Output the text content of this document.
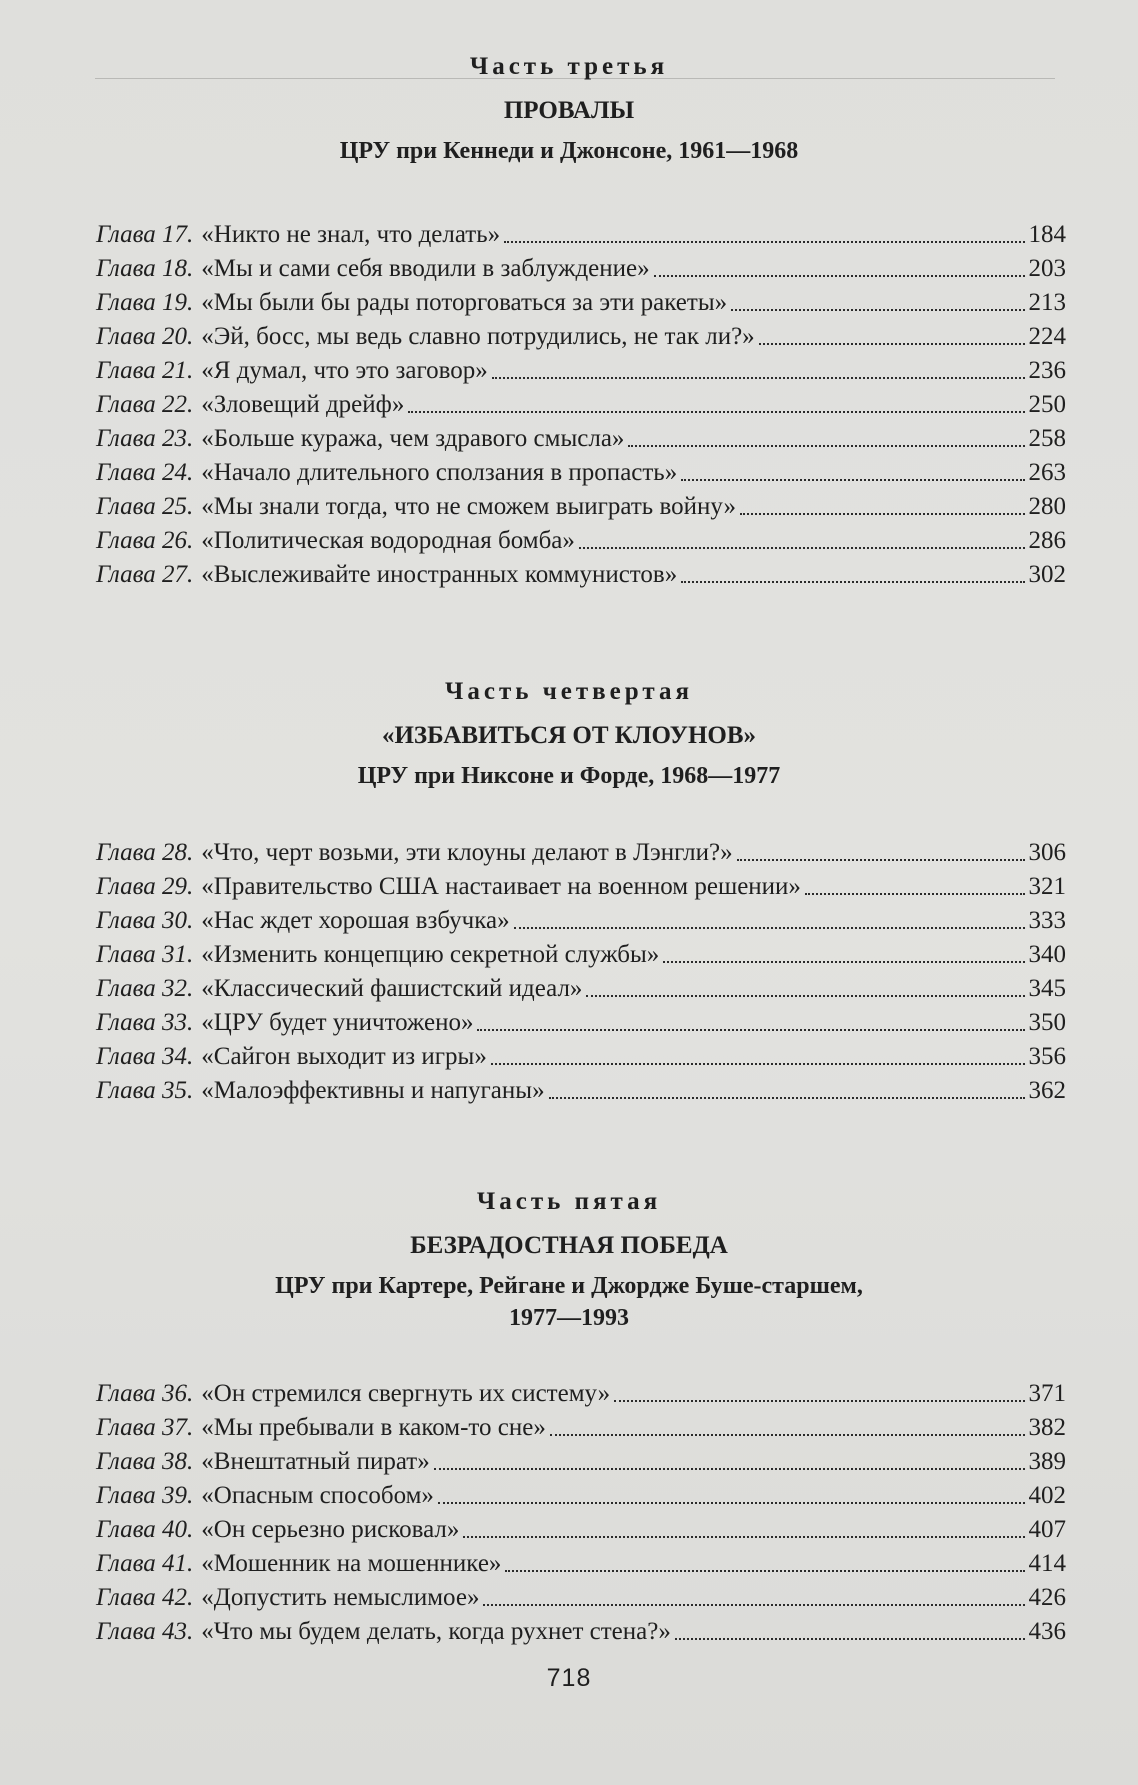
Часть третья
ПРОВАЛЫ
ЦРУ при Кеннеди и Джонсоне, 1961—1968
Глава 17. «Никто не знал, что делать»	184
Глава 18. «Мы и сами себя вводили в заблуждение»	203
Глава 19. «Мы были бы рады поторговаться за эти ракеты»	213
Глава 20. «Эй, босс, мы ведь славно потрудились, не так ли?»	224
Глава 21. «Я думал, что это заговор»	236
Глава 22. «Зловещий дрейф»	250
Глава 23. «Больше куража, чем здравого смысла»	258
Глава 24. «Начало длительного сползания в пропасть»	263
Глава 25. «Мы знали тогда, что не сможем выиграть войну»	280
Глава 26. «Политическая водородная бомба»	286
Глава 27. «Выслеживайте иностранных коммунистов»	302
Часть четвертая
«ИЗБАВИТЬСЯ ОТ КЛОУНОВ»
ЦРУ при Никсоне и Форде, 1968—1977
Глава 28. «Что, черт возьми, эти клоуны делают в Лэнгли?»	306
Глава 29. «Правительство США настаивает на военном решении»	321
Глава 30. «Нас ждет хорошая взбучка»	333
Глава 31. «Изменить концепцию секретной службы»	340
Глава 32. «Классический фашистский идеал»	345
Глава 33. «ЦРУ будет уничтожено»	350
Глава 34. «Сайгон выходит из игры»	356
Глава 35. «Малоэффективны и напуганы»	362
Часть пятая
БЕЗРАДОСТНАЯ ПОБЕДА
ЦРУ при Картере, Рейгане и Джордже Буше-старшем,
1977—1993
Глава 36. «Он стремился свергнуть их систему»	371
Глава 37. «Мы пребывали в каком-то сне»	382
Глава 38. «Внештатный пират»	389
Глава 39. «Опасным способом»	402
Глава 40. «Он серьезно рисковал»	407
Глава 41. «Мошенник на мошеннике»	414
Глава 42. «Допустить немыслимое»	426
Глава 43. «Что мы будем делать, когда рухнет стена?»	436
718
